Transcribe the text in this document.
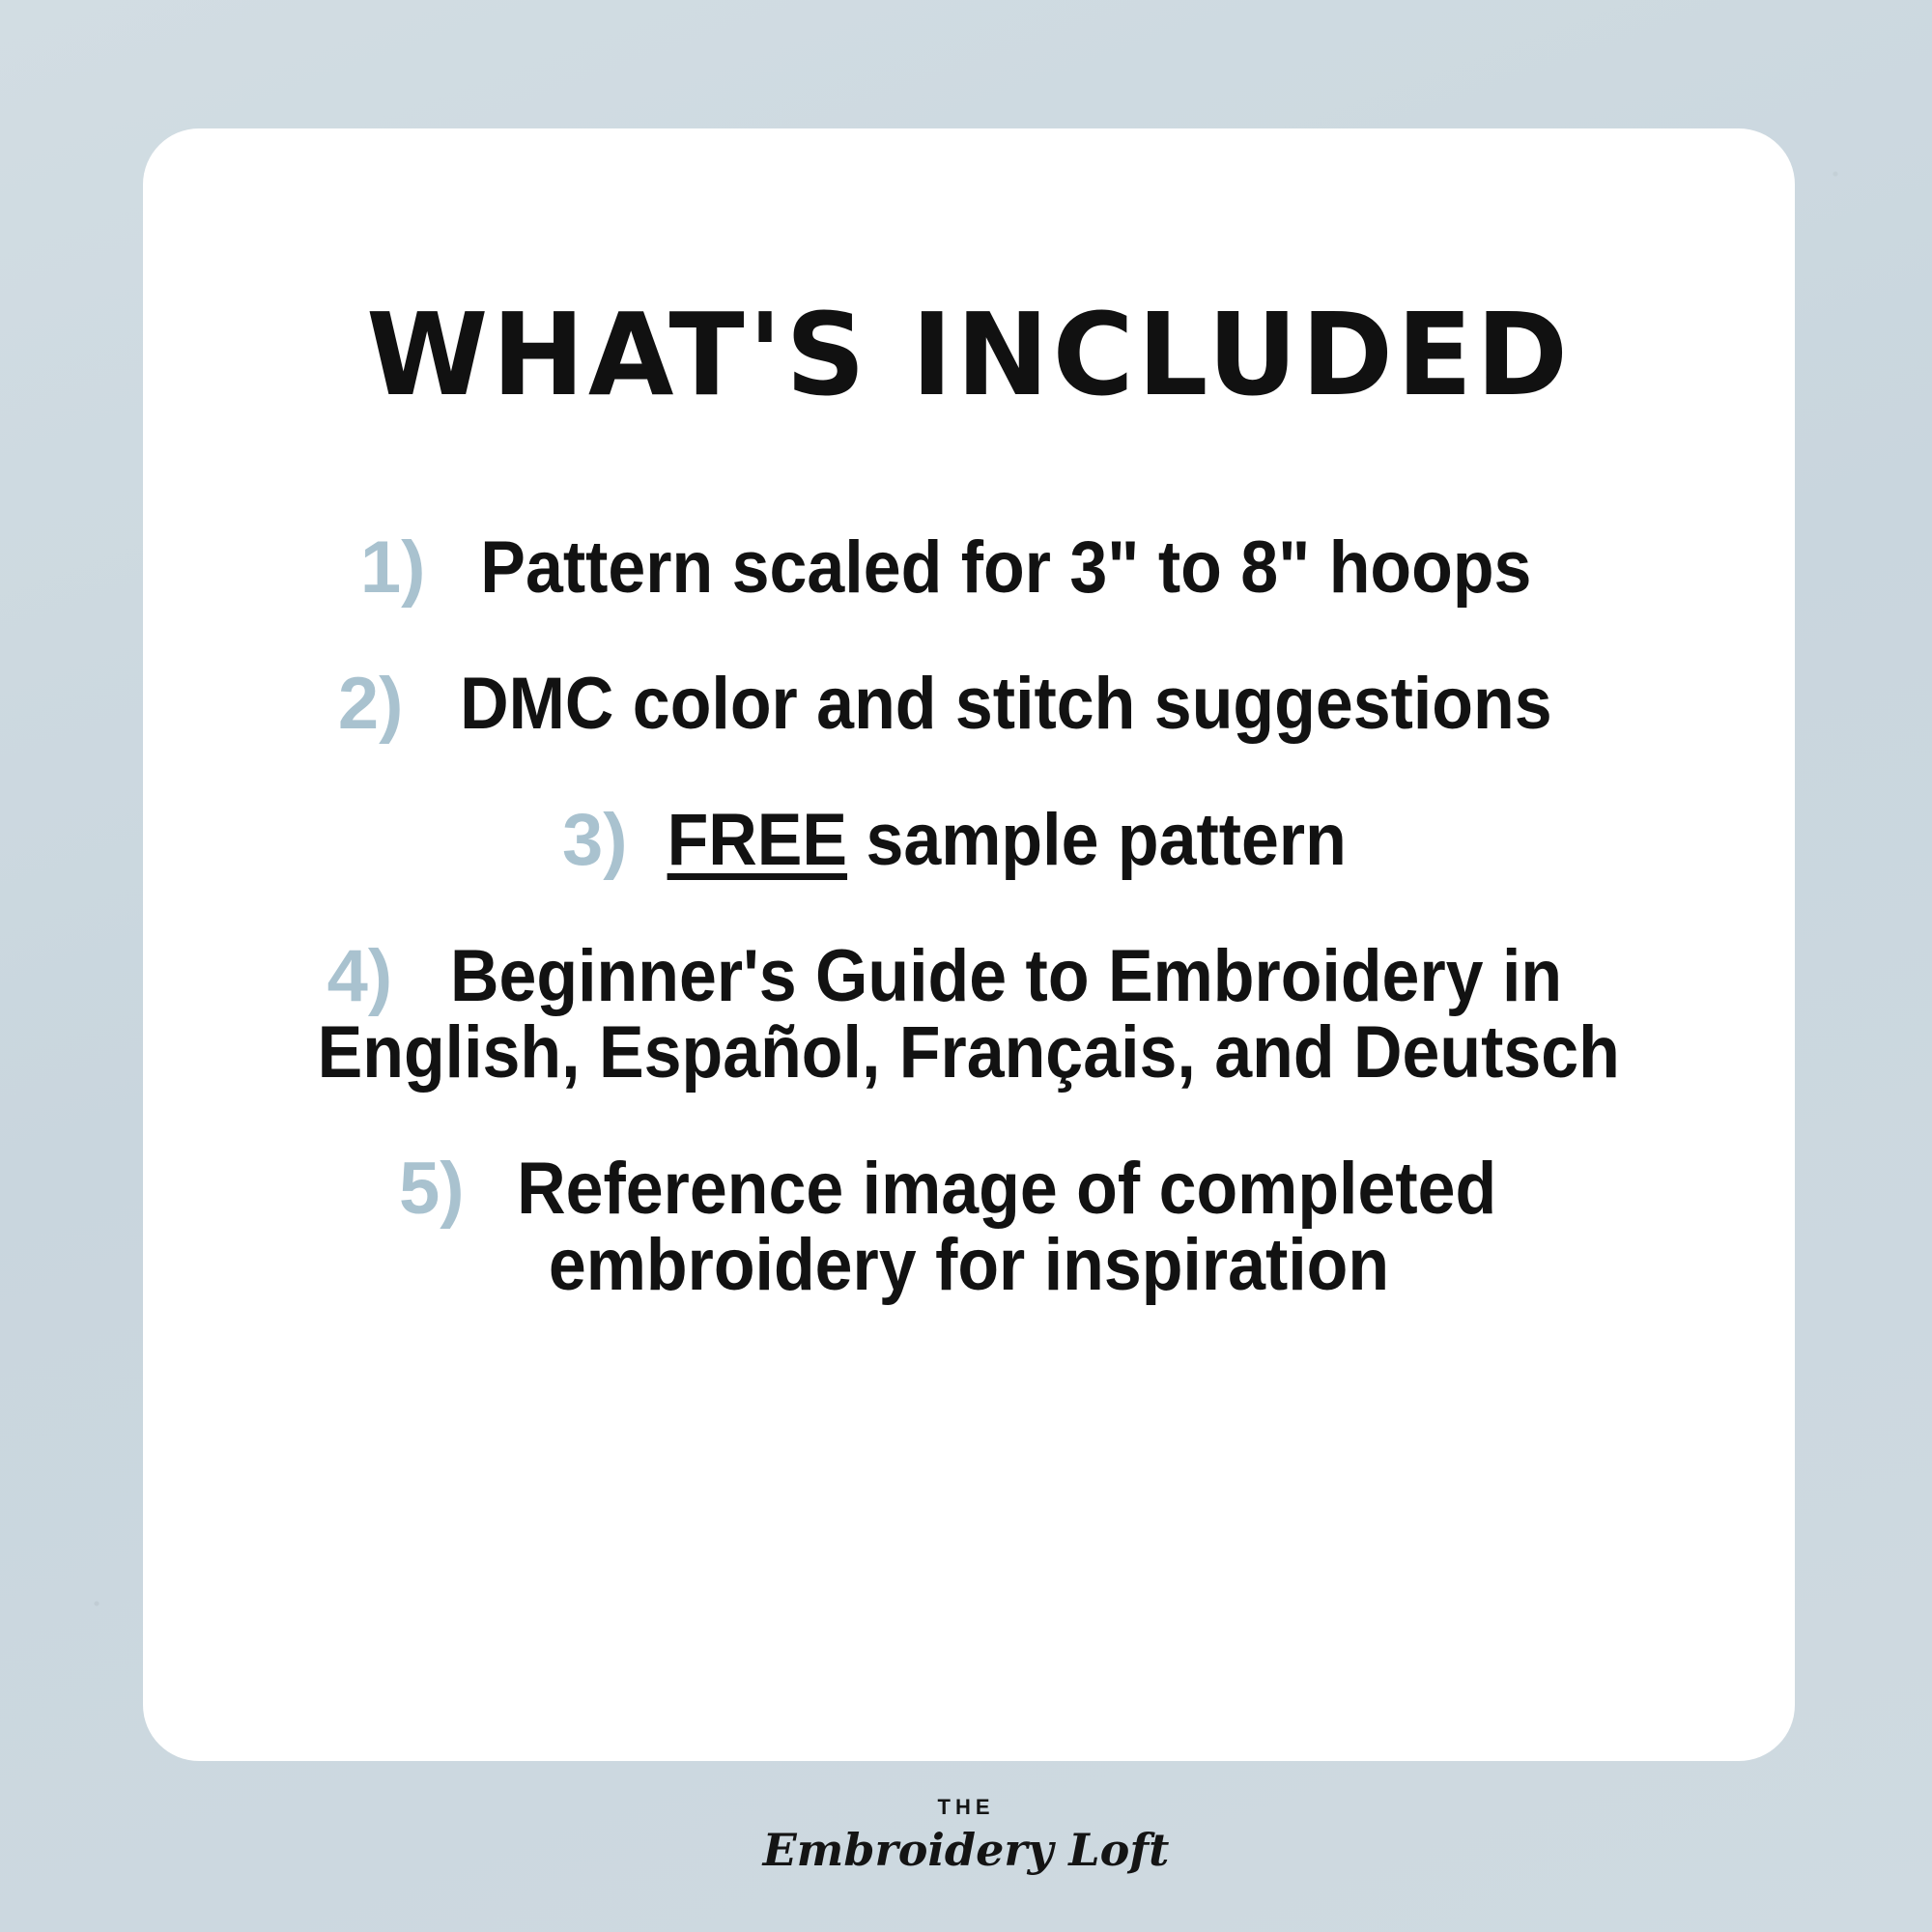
WHAT'S INCLUDED
1) Pattern scaled for 3" to 8" hoops
2) DMC color and stitch suggestions
3) FREE sample pattern
4) Beginner's Guide to Embroidery in
English, Español, Français, and Deutsch
5) Reference image of completed
embroidery for inspiration
THE
Embroidery Loft
